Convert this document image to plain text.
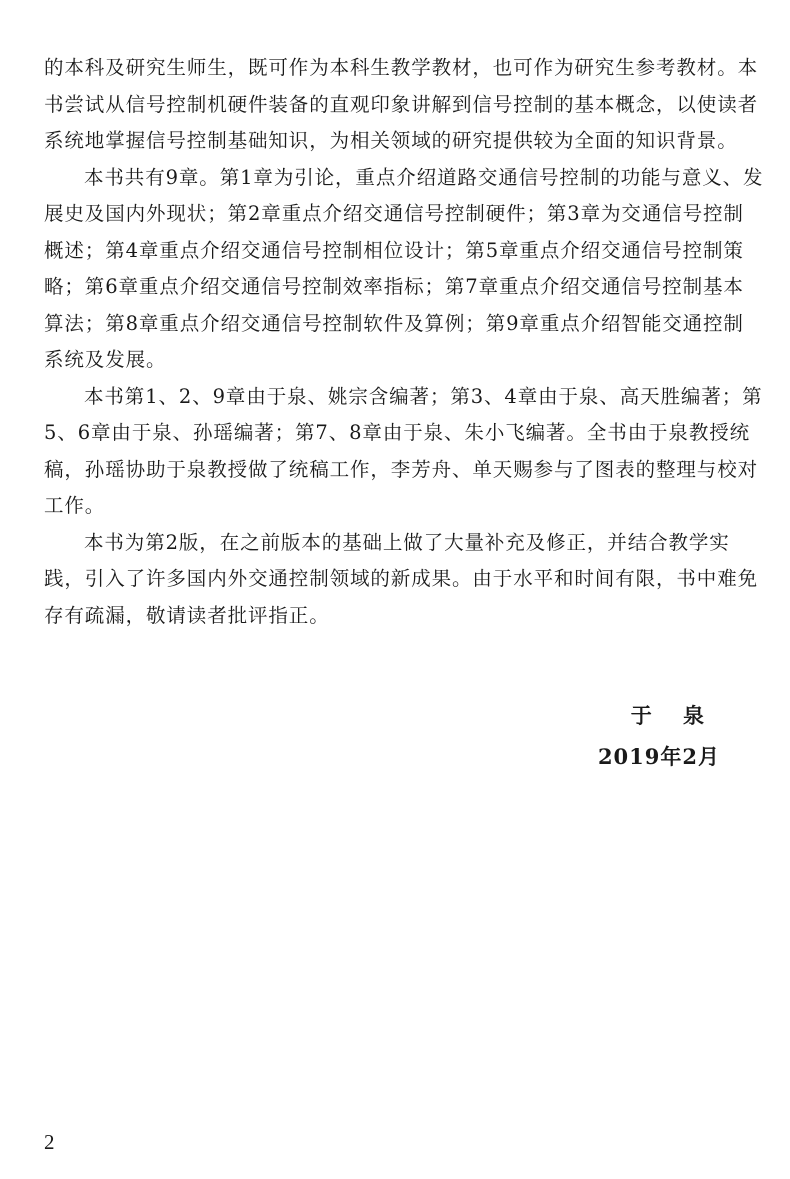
的本科及研究生师生，既可作为本科生教学教材，也可作为研究生参考教材。本书尝试从信号控制机硬件装备的直观印象讲解到信号控制的基本概念，以使读者系统地掌握信号控制基础知识，为相关领域的研究提供较为全面的知识背景。

本书共有9章。第1章为引论，重点介绍道路交通信号控制的功能与意义、发展史及国内外现状；第2章重点介绍交通信号控制硬件；第3章为交通信号控制概述；第4章重点介绍交通信号控制相位设计；第5章重点介绍交通信号控制策略；第6章重点介绍交通信号控制效率指标；第7章重点介绍交通信号控制基本算法；第8章重点介绍交通信号控制软件及算例；第9章重点介绍智能交通控制系统及发展。

本书第1、2、9章由于泉、姚宗含编著；第3、4章由于泉、高天胜编著；第5、6章由于泉、孙瑶编著；第7、8章由于泉、朱小飞编著。全书由于泉教授统稿，孙瑶协助于泉教授做了统稿工作，李芳舟、单天赐参与了图表的整理与校对工作。

本书为第2版，在之前版本的基础上做了大量补充及修正，并结合教学实践，引入了许多国内外交通控制领域的新成果。由于水平和时间有限，书中难免存有疏漏，敬请读者批评指正。

于 泉
2019年2月
2
